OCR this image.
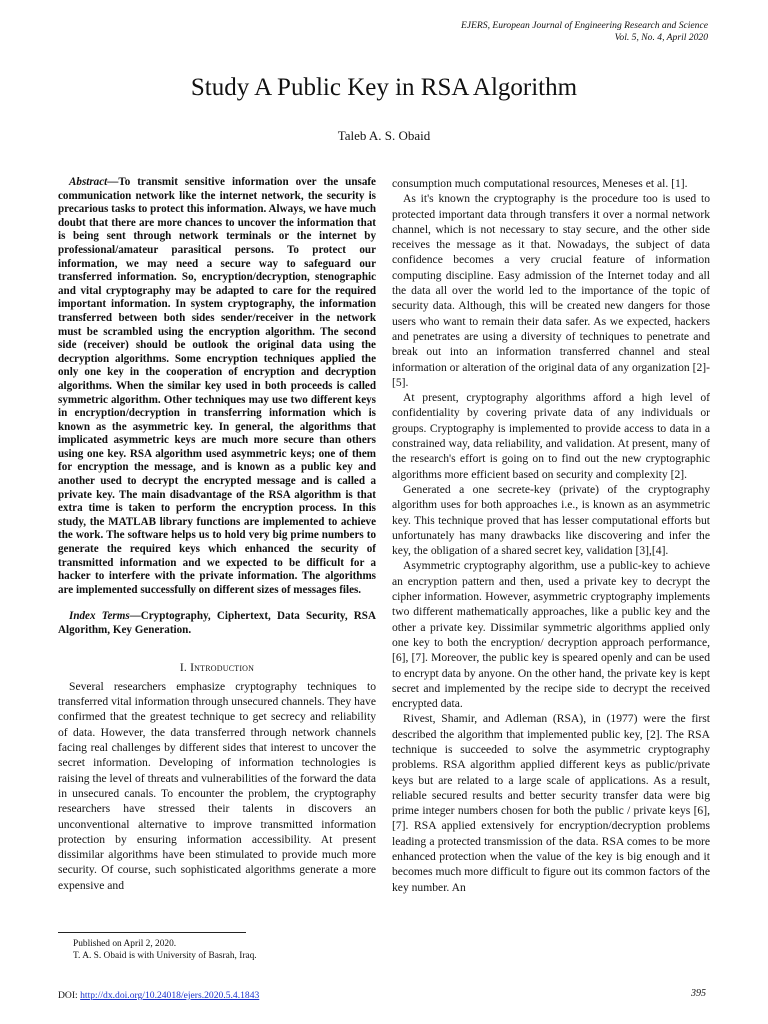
EJERS, European Journal of Engineering Research and Science
Vol. 5, No. 4, April 2020
Study A Public Key in RSA Algorithm
Taleb A. S. Obaid

Abstract—To transmit sensitive information over the unsafe communication network like the internet network, the security is precarious tasks to protect this information. Always, we have much doubt that there are more chances to uncover the information that is being sent through network terminals or the internet by professional/amateur parasitical persons. To protect our information, we may need a secure way to safeguard our transferred information. So, encryption/decryption, stenographic and vital cryptography may be adapted to care for the required important information. In system cryptography, the information transferred between both sides sender/receiver in the network must be scrambled using the encryption algorithm. The second side (receiver) should be outlook the original data using the decryption algorithms. Some encryption techniques applied the only one key in the cooperation of encryption and decryption algorithms. When the similar key used in both proceeds is called symmetric algorithm. Other techniques may use two different keys in encryption/decryption in transferring information which is known as the asymmetric key. In general, the algorithms that implicated asymmetric keys are much more secure than others using one key. RSA algorithm used asymmetric keys; one of them for encryption the message, and is known as a public key and another used to decrypt the encrypted message and is called a private key. The main disadvantage of the RSA algorithm is that extra time is taken to perform the encryption process. In this study, the MATLAB library functions are implemented to achieve the work. The software helps us to hold very big prime numbers to generate the required keys which enhanced the security of transmitted information and we expected to be difficult for a hacker to interfere with the private information. The algorithms are implemented successfully on different sizes of messages files.

Index Terms—Cryptography, Ciphertext, Data Security, RSA Algorithm, Key Generation.

I. Introduction

Several researchers emphasize cryptography techniques to transferred vital information through unsecured channels. They have confirmed that the greatest technique to get secrecy and reliability of data. However, the data transferred through network channels facing real challenges by different sides that interest to uncover the secret information. Developing of information technologies is raising the level of threats and vulnerabilities of the forward the data in unsecured canals. To encounter the problem, the cryptography researchers have stressed their talents in discovers an unconventional alternative to improve transmitted information protection by ensuring information accessibility. At present dissimilar algorithms have been stimulated to provide much more security. Of course, such sophisticated algorithms generate a more expensive and

consumption much computational resources, Meneses et al. [1].

As it's known the cryptography is the procedure too is used to protected important data through transfers it over a normal network channel, which is not necessary to stay secure, and the other side receives the message as it that. Nowadays, the subject of data confidence becomes a very crucial feature of information computing discipline. Easy admission of the Internet today and all the data all over the world led to the importance of the topic of security data. Although, this will be created new dangers for those users who want to remain their data safer. As we expected, hackers and penetrates are using a diversity of techniques to penetrate and break out into an information transferred channel and steal information or alteration of the original data of any organization [2]-[5].

At present, cryptography algorithms afford a high level of confidentiality by covering private data of any individuals or groups. Cryptography is implemented to provide access to data in a constrained way, data reliability, and validation. At present, many of the research's effort is going on to find out the new cryptographic algorithms more efficient based on security and complexity [2].

Generated a one secrete-key (private) of the cryptography algorithm uses for both approaches i.e., is known as an asymmetric key. This technique proved that has lesser computational efforts but unfortunately has many drawbacks like discovering and infer the key, the obligation of a shared secret key, validation [3],[4].

Asymmetric cryptography algorithm, use a public-key to achieve an encryption pattern and then, used a private key to decrypt the cipher information. However, asymmetric cryptography implements two different mathematically approaches, like a public key and the other a private key. Dissimilar symmetric algorithms applied only one key to both the encryption/ decryption approach performance, [6], [7]. Moreover, the public key is speared openly and can be used to encrypt data by anyone. On the other hand, the private key is kept secret and implemented by the recipe side to decrypt the received encrypted data.

Rivest, Shamir, and Adleman (RSA), in (1977) were the first described the algorithm that implemented public key, [2]. The RSA technique is succeeded to solve the asymmetric cryptography problems. RSA algorithm applied different keys as public/private keys but are related to a large scale of applications. As a result, reliable secured results and better security transfer data were big prime integer numbers chosen for both the public / private keys [6], [7]. RSA applied extensively for encryption/decryption problems leading a protected transmission of the data. RSA comes to be more enhanced protection when the value of the key is big enough and it becomes much more difficult to figure out its common factors of the key number. An

Published on April 2, 2020.
T. A. S. Obaid is with University of Basrah, Iraq.
DOI: http://dx.doi.org/10.24018/ejers.2020.5.4.1843	395
